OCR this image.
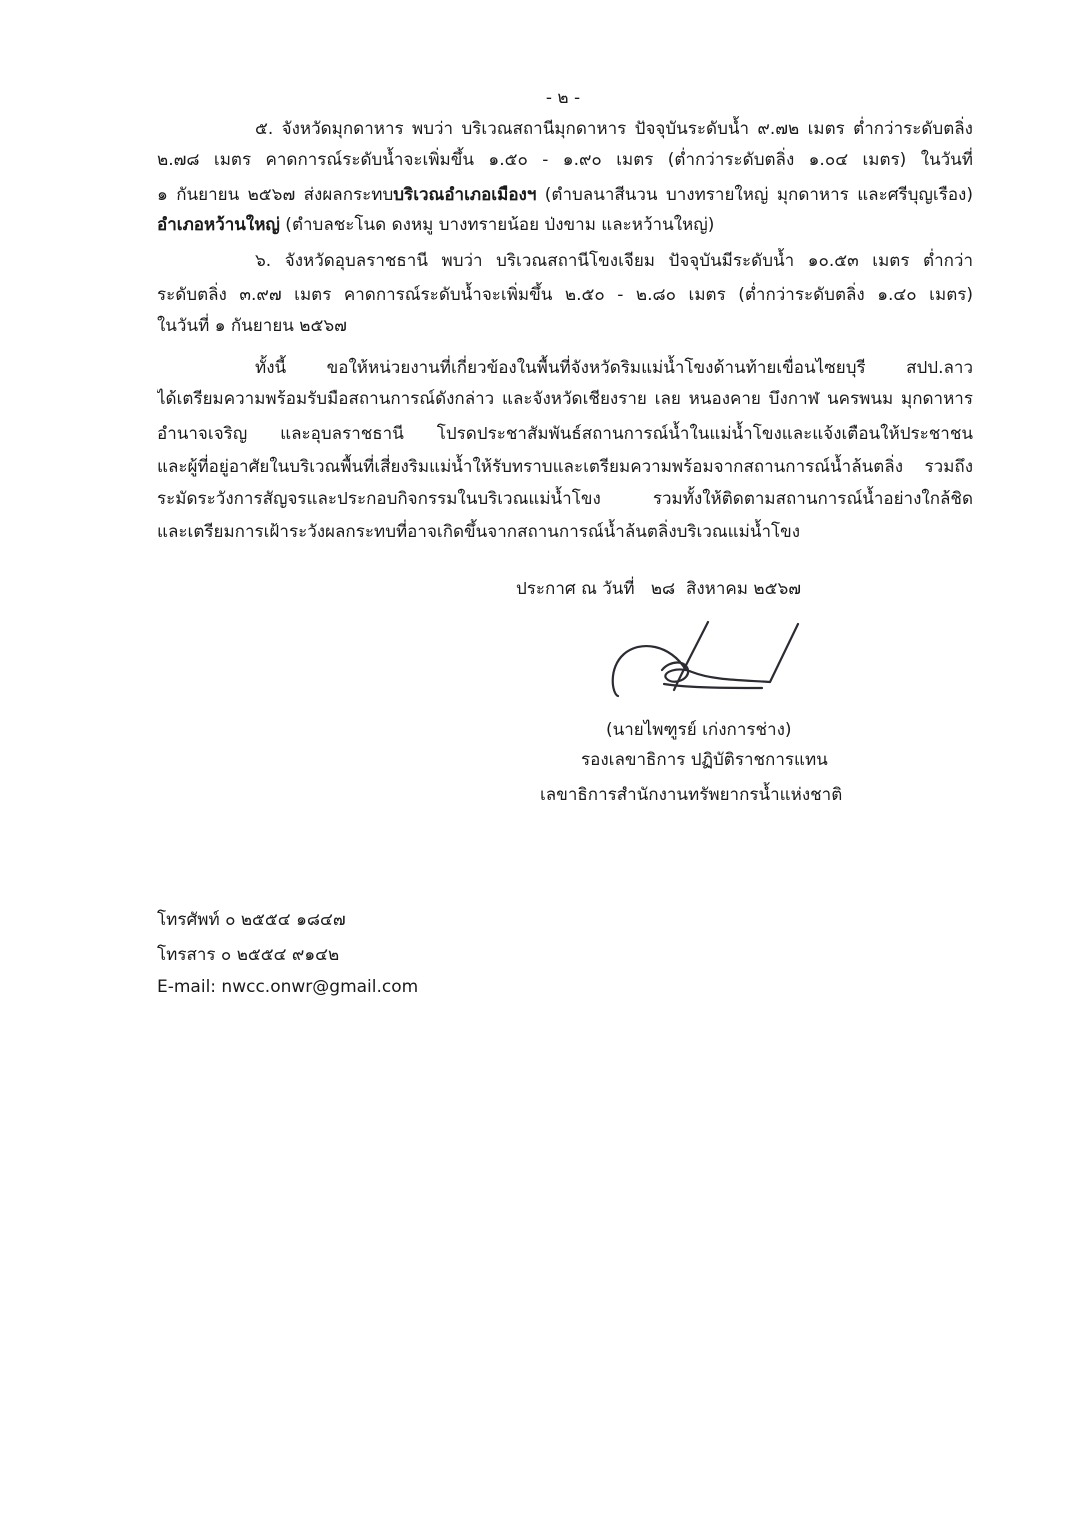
- ๒ -
๕. จังหวัดมุกดาหาร พบว่า บริเวณสถานีมุกดาหาร ปัจจุบันระดับน้ำ ๙.๗๒ เมตร ต่ำกว่าระดับตลิ่ง
๒.๗๘ เมตร คาดการณ์ระดับน้ำจะเพิ่มขึ้น ๑.๕๐ - ๑.๙๐ เมตร (ต่ำกว่าระดับตลิ่ง ๑.๐๔ เมตร) ในวันที่
๑ กันยายน ๒๕๖๗ ส่งผลกระทบบริเวณอำเภอเมืองฯ (ตำบลนาสีนวน บางทรายใหญ่ มุกดาหาร และศรีบุญเรือง)
อำเภอหว้านใหญ่ (ตำบลชะโนด ดงหมู บางทรายน้อย ป่งขาม และหว้านใหญ่)
๖. จังหวัดอุบลราชธานี พบว่า บริเวณสถานีโขงเจียม ปัจจุบันมีระดับน้ำ ๑๐.๕๓ เมตร ต่ำกว่า
ระดับตลิ่ง ๓.๙๗ เมตร คาดการณ์ระดับน้ำจะเพิ่มขึ้น ๒.๕๐ - ๒.๘๐ เมตร (ต่ำกว่าระดับตลิ่ง ๑.๔๐ เมตร)
ในวันที่ ๑ กันยายน ๒๕๖๗
ทั้งนี้ ขอให้หน่วยงานที่เกี่ยวข้องในพื้นที่จังหวัดริมแม่น้ำโขงด้านท้ายเขื่อนไซยบุรี สปป.ลาว
ได้เตรียมความพร้อมรับมือสถานการณ์ดังกล่าว และจังหวัดเชียงราย เลย หนองคาย บึงกาฬ นครพนม มุกดาหาร
อำนาจเจริญ และอุบลราชธานี โปรดประชาสัมพันธ์สถานการณ์น้ำในแม่น้ำโขงและแจ้งเตือนให้ประชาชน
และผู้ที่อยู่อาศัยในบริเวณพื้นที่เสี่ยงริมแม่น้ำให้รับทราบและเตรียมความพร้อมจากสถานการณ์น้ำล้นตลิ่ง รวมถึง
ระมัดระวังการสัญจรและประกอบกิจกรรมในบริเวณแม่น้ำโขง รวมทั้งให้ติดตามสถานการณ์น้ำอย่างใกล้ชิด
และเตรียมการเฝ้าระวังผลกระทบที่อาจเกิดขึ้นจากสถานการณ์น้ำล้นตลิ่งบริเวณแม่น้ำโขง
ประกาศ ณ วันที่   ๒๘  สิงหาคม ๒๕๖๗
(นายไพฑูรย์ เก่งการช่าง)
รองเลขาธิการ ปฏิบัติราชการแทน
เลขาธิการสำนักงานทรัพยากรน้ำแห่งชาติ
โทรศัพท์ ๐ ๒๕๕๔ ๑๘๔๗
โทรสาร ๐ ๒๕๕๔ ๙๑๔๒
E-mail: nwcc.onwr@gmail.com
